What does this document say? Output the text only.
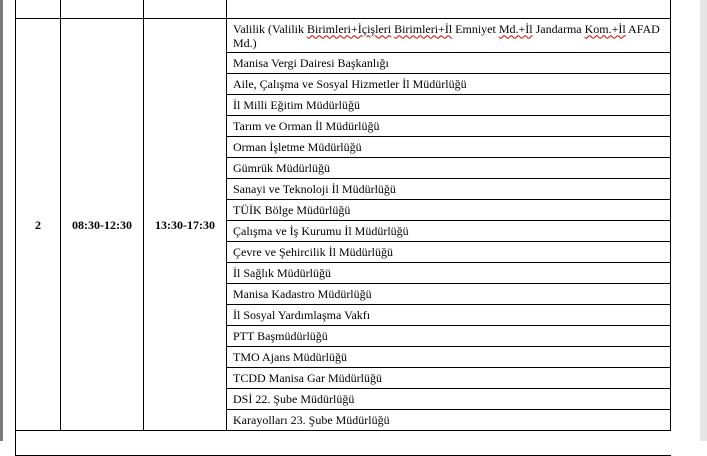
2	08:30-12:30	13:30-17:30	Valilik (Valilik Birimleri+İçişleri Birimleri+İl Emniyet Md.+İl Jandarma Kom.+İl AFAD Md.)
			Manisa Vergi Dairesi Başkanlığı
			Aile, Çalışma ve Sosyal Hizmetler İl Müdürlüğü
			İl Milli Eğitim Müdürlüğü
			Tarım ve Orman İl Müdürlüğü
			Orman İşletme Müdürlüğü
			Gümrük Müdürlüğü
			Sanayi ve Teknoloji İl Müdürlüğü
			TÜİK Bölge Müdürlüğü
			Çalışma ve İş Kurumu İl Müdürlüğü
			Çevre ve Şehircilik İl Müdürlüğü
			İl Sağlık Müdürlüğü
			Manisa Kadastro Müdürlüğü
			İl Sosyal Yardımlaşma Vakfı
			PTT Başmüdürlüğü
			TMO Ajans Müdürlüğü
			TCDD Manisa Gar Müdürlüğü
			DSİ 22. Şube Müdürlüğü
			Karayolları 23. Şube Müdürlüğü
